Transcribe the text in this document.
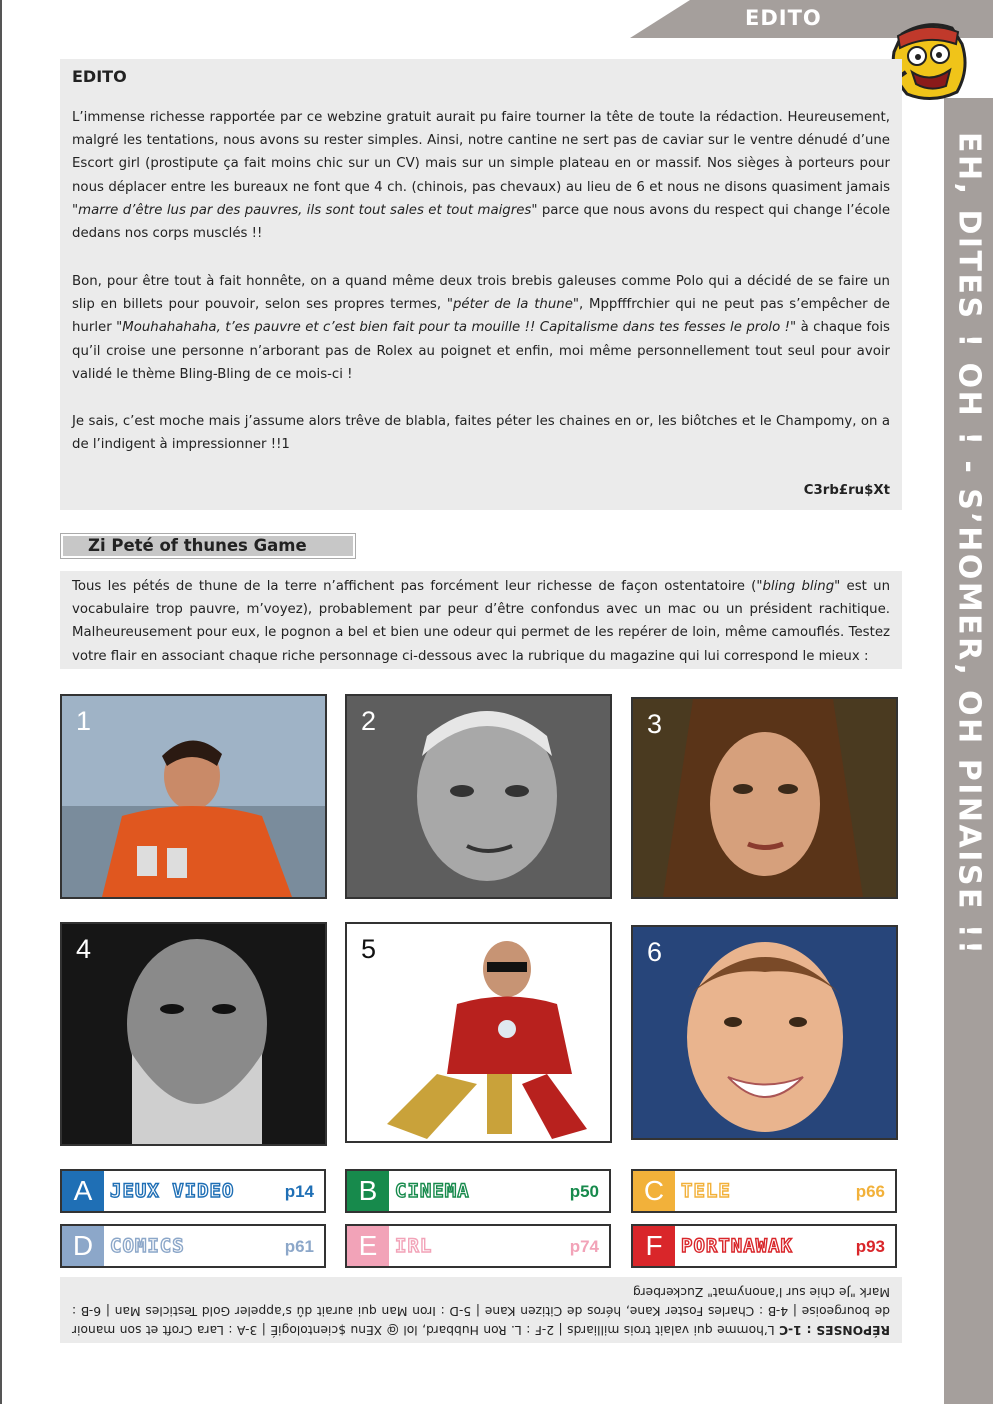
EDITO
EH, DITES ! OH ! - S’HOMER, OH PINAISE !!
EDITO
L’immense richesse rapportée par ce webzine gratuit aurait pu faire tourner la tête de toute la rédaction. Heureusement, malgré les tentations, nous avons su rester simples. Ainsi, notre cantine ne sert pas de caviar sur le ventre dénudé d’une Escort girl (prostipute ça fait moins chic sur un CV) mais sur un simple plateau en or massif. Nos sièges à porteurs pour nous déplacer entre les bureaux ne font que 4 ch. (chinois, pas chevaux) au lieu de 6 et nous ne disons quasiment jamais "marre d’être lus par des pauvres, ils sont tout sales et tout maigres" parce que nous avons du respect qui change l’école dedans nos corps musclés !!
Bon, pour être tout à fait honnête, on a quand même deux trois brebis galeuses comme Polo qui a décidé de se faire un slip en billets pour pouvoir, selon ses propres termes, "péter de la thune", Mppfffrchier qui ne peut pas s’empêcher de hurler "Mouhahahaha, t’es pauvre et c’est bien fait pour ta mouille !! Capitalisme dans tes fesses le prolo !" à chaque fois qu’il croise une personne n’arborant pas de Rolex au poignet et enfin, moi même personnellement tout seul pour avoir validé le thème Bling-Bling de ce mois-ci !
Je sais, c’est moche mais j’assume alors trêve de blabla, faites péter les chaines en or, les biôtches et le Champomy, on a de l’indigent à impressionner !!1
C3rb£ru$Xt
Zi Peté of thunes Game
Tous les pétés de thune de la terre n’affichent pas forcément leur richesse de façon ostentatoire ("bling bling" est un vocabulaire trop pauvre, m’voyez), probablement par peur d’être confondus avec un mac ou un président rachitique. Malheureusement pour eux, le pognon a bel et bien une odeur qui permet de les repérer de loin, même camouflés. Testez votre flair en associant chaque riche personnage ci-dessous avec la rubrique du magazine qui lui correspond le mieux :
1	2	3
4	5	6
A JEUX VIDEO	p14	B CINEMA	p50	C TELE	p66
D COMICS	p61	E IRL	p74	F PORTNAWAK	p93
RÉPONSES : 1-C L’homme qui valait trois milliards | 2-F : L. Ron Hubbard, lol @ XEnu $cientologiÉ | 3-A : Lara Croft et son manoir de bourgeoise | 4-B : Charles Foster Kane, héros de Citizen Kane | 5-D : Iron Man qui aurait dû s’appeler Gold Testicles Man | 6-B : Mark "Je chie sur l’anonymat" Zuckerberg
